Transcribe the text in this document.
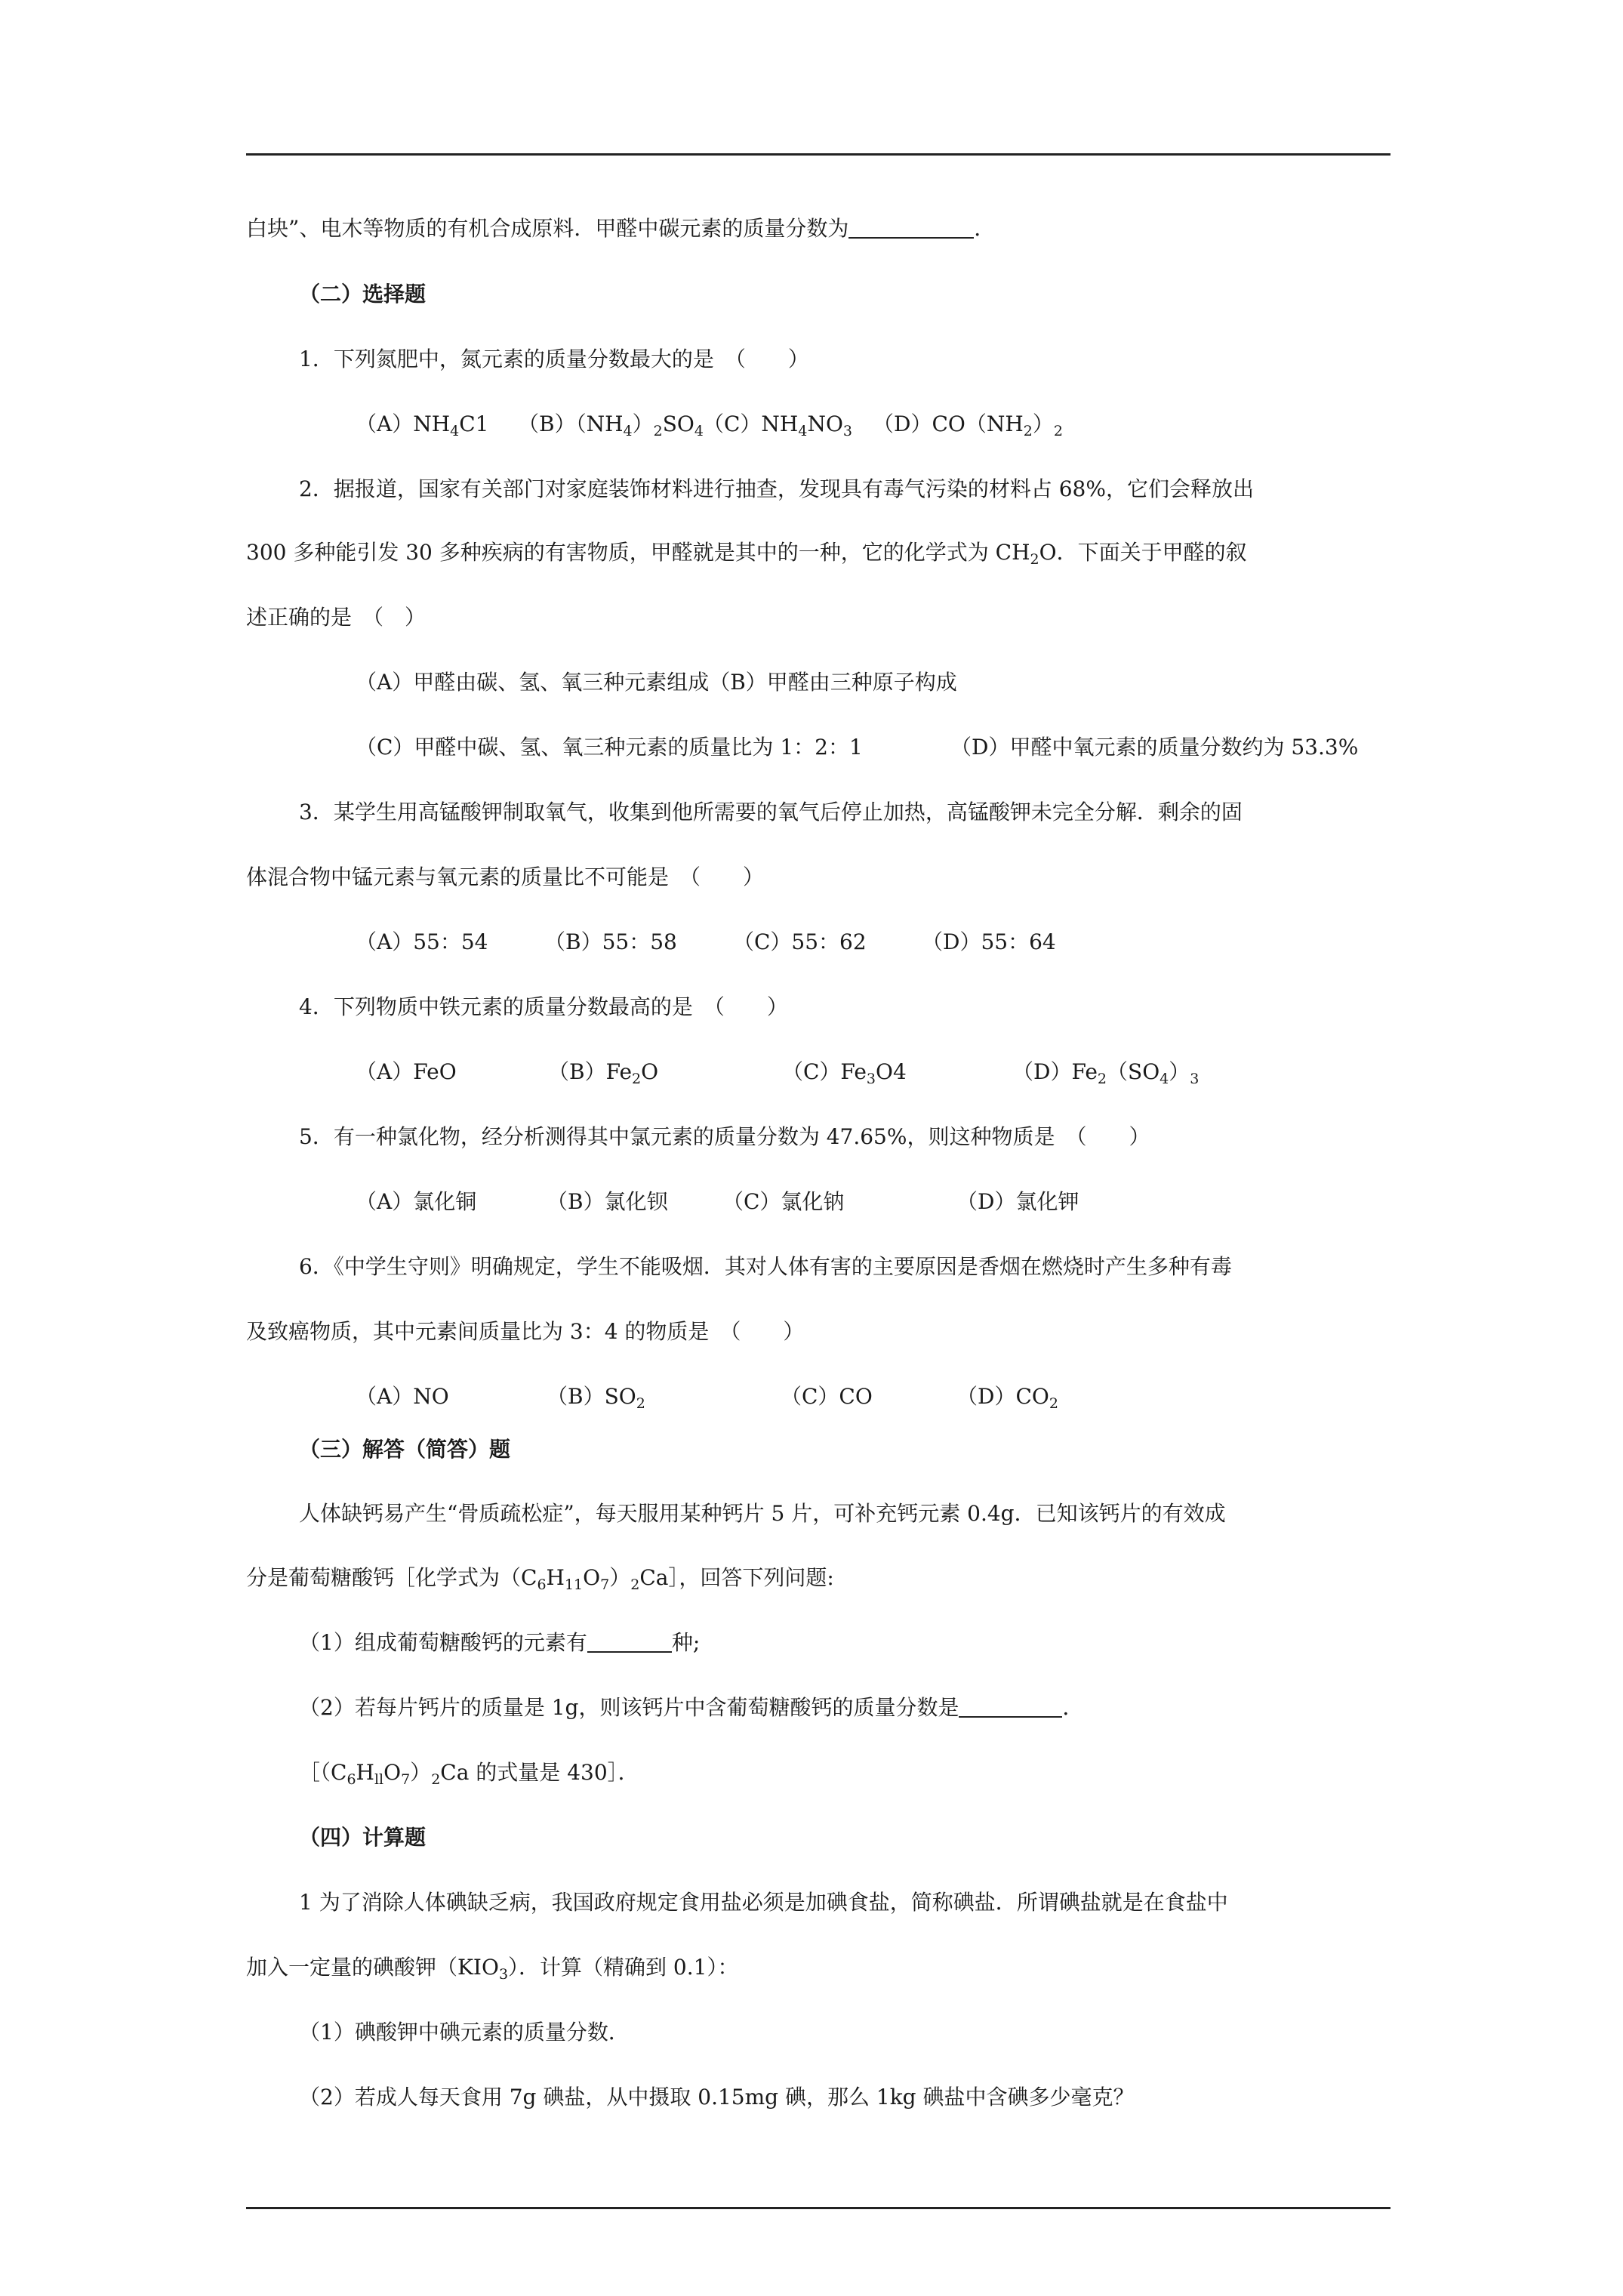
白块”、电木等物质的有机合成原料．甲醛中碳元素的质量分数为	．
（二）选择题
1．下列氮肥中，氮元素的质量分数最大的是　（　　）
$(A)NH_4C1$ $(B)(NH_4)_2SO_4(C)NH_4NO_3$ $(D)CO(NH_2)_2$
2．据报道，国家有关部门对家庭装饰材料进行抽查，发现具有毒气污染的材料占 68%，它们会释放出
300 多种能引发 30 多种疾病的有害物质，甲醛就是其中的一种，它的化学式为 $CH_2O$．下面关于甲醛的叙
述正确的是　（　）
（A）甲醛由碳、氢、氧三种元素组成（B）甲醛由三种原子构成
（C）甲醛中碳、氢、氧三种元素的质量比为 1：2：1	（D）甲醛中氧元素的质量分数约为 53.3%
3．某学生用高锰酸钾制取氧气，收集到他所需要的氧气后停止加热，高锰酸钾未完全分解．剩余的固
体混合物中锰元素与氧元素的质量比不可能是　（　　）
（A）55：54	（B）55：58	（C）55：62	（D）55：64
4．下列物质中铁元素的质量分数最高的是　（　　）
（A）FeO	$(B)Fe_2O$	$(C)Fe_3O4$	$(D)Fe_2(SO_4)_3$
5．有一种氯化物，经分析测得其中氯元素的质量分数为 47.65%，则这种物质是　（　　）
（A）氯化铜	（B）氯化钡	（C）氯化钠	（D）氯化钾
6．《中学生守则》明确规定，学生不能吸烟．其对人体有害的主要原因是香烟在燃烧时产生多种有毒
及致癌物质，其中元素间质量比为 3：4 的物质是　（　　）
（A）NO	$(B)SO_2$	（C）CO	$(D)CO_2$
（三）解答（简答）题
人体缺钙易产生“骨质疏松症”，每天服用某种钙片 5 片，可补充钙元素 0.4g．已知该钙片的有效成
分是葡萄糖酸钙［化学式为$(C_6H_{11}O_7)_2Ca]$，回答下列问题:
（1）组成葡萄糖酸钙的元素有	种;
（2）若每片钙片的质量是 1g，则该钙片中含葡萄糖酸钙的质量分数是	．
$[(C_6H_{ll}O_7)_2Ca$ 的式量是 430］．
（四）计算题
1 为了消除人体碘缺乏病，我国政府规定食用盐必须是加碘食盐，简称碘盐．所谓碘盐就是在食盐中
加入一定量的碘酸钾$(KIO_3)$．计算（精确到 0.1）：
（1）碘酸钾中碘元素的质量分数．
（2）若成人每天食用 7g 碘盐，从中摄取 0.15mg 碘，那么 1kg 碘盐中含碘多少毫克？
